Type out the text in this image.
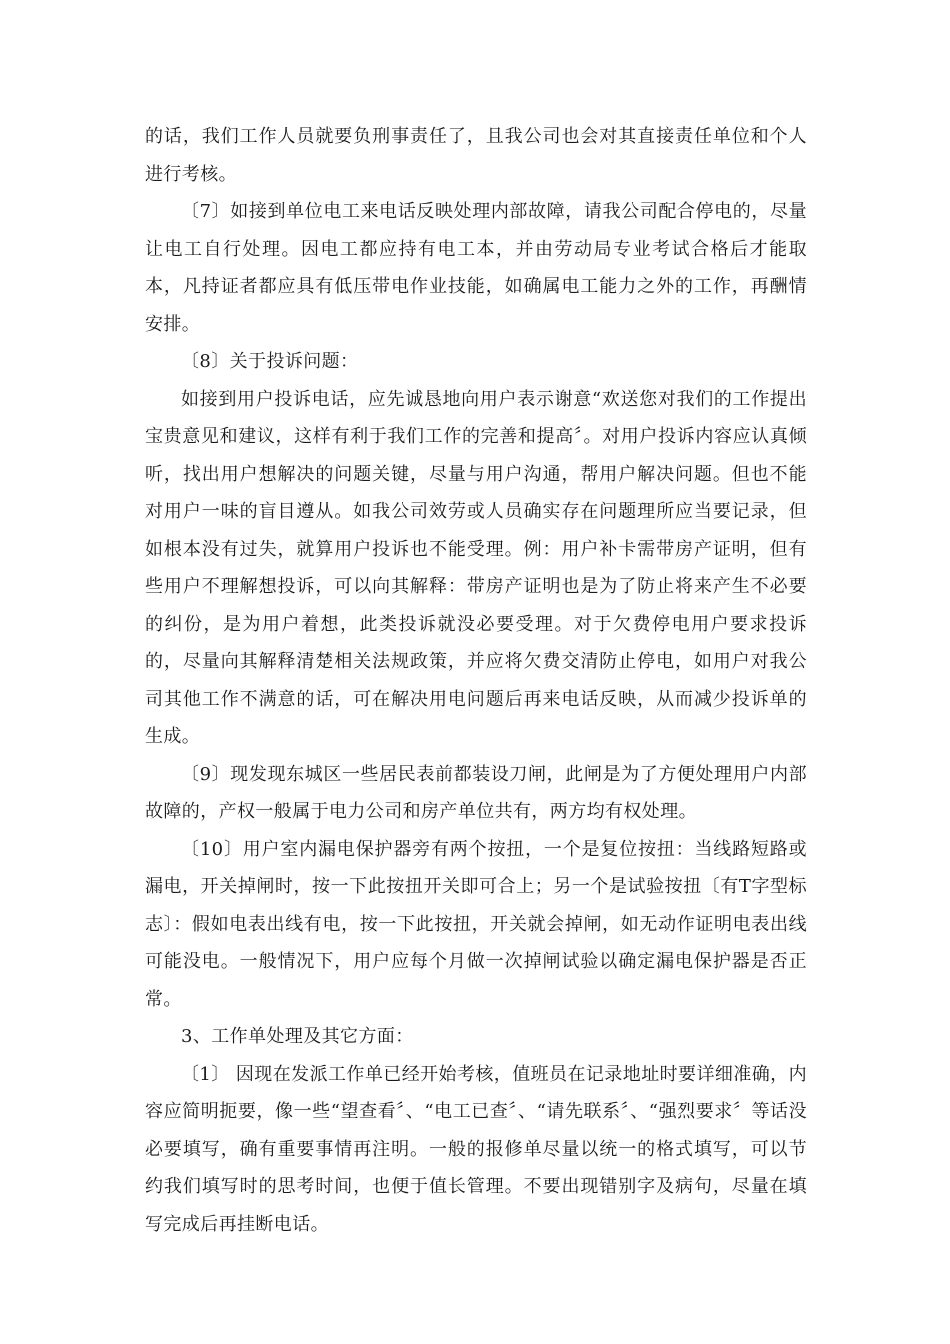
的话，我们工作人员就要负刑事责任了，且我公司也会对其直接责任单位和个人进行考核。

〔7〕如接到单位电工来电话反映处理内部故障，请我公司配合停电的，尽量让电工自行处理。因电工都应持有电工本，并由劳动局专业考试合格后才能取本，凡持证者都应具有低压带电作业技能，如确属电工能力之外的工作，再酬情安排。

〔8〕关于投诉问题：

如接到用户投诉电话，应先诚恳地向用户表示谢意“欢送您对我们的工作提出宝贵意见和建议，这样有利于我们工作的完善和提高〞。对用户投诉内容应认真倾听，找出用户想解决的问题关键，尽量与用户沟通，帮用户解决问题。但也不能对用户一味的盲目遵从。如我公司效劳或人员确实存在问题理所应当要记录，但如根本没有过失，就算用户投诉也不能受理。例：用户补卡需带房产证明，但有些用户不理解想投诉，可以向其解释：带房产证明也是为了防止将来产生不必要的纠份，是为用户着想，此类投诉就没必要受理。对于欠费停电用户要求投诉的，尽量向其解释清楚相关法规政策，并应将欠费交清防止停电，如用户对我公司其他工作不满意的话，可在解决用电问题后再来电话反映，从而减少投诉单的生成。

〔9〕现发现东城区一些居民表前都装设刀闸，此闸是为了方便处理用户内部故障的，产权一般属于电力公司和房产单位共有，两方均有权处理。

〔10〕用户室内漏电保护器旁有两个按扭，一个是复位按扭：当线路短路或漏电，开关掉闸时，按一下此按扭开关即可合上；另一个是试验按扭〔有T字型标志〕：假如电表出线有电，按一下此按扭，开关就会掉闸，如无动作证明电表出线可能没电。一般情况下，用户应每个月做一次掉闸试验以确定漏电保护器是否正常。

3、工作单处理及其它方面：

〔1〕 因现在发派工作单已经开始考核，值班员在记录地址时要详细准确，内容应简明扼要，像一些“望查看〞、“电工已查〞、“请先联系〞、“强烈要求〞等话没必要填写，确有重要事情再注明。一般的报修单尽量以统一的格式填写，可以节约我们填写时的思考时间，也便于值长管理。不要出现错别字及病句，尽量在填写完成后再挂断电话。
